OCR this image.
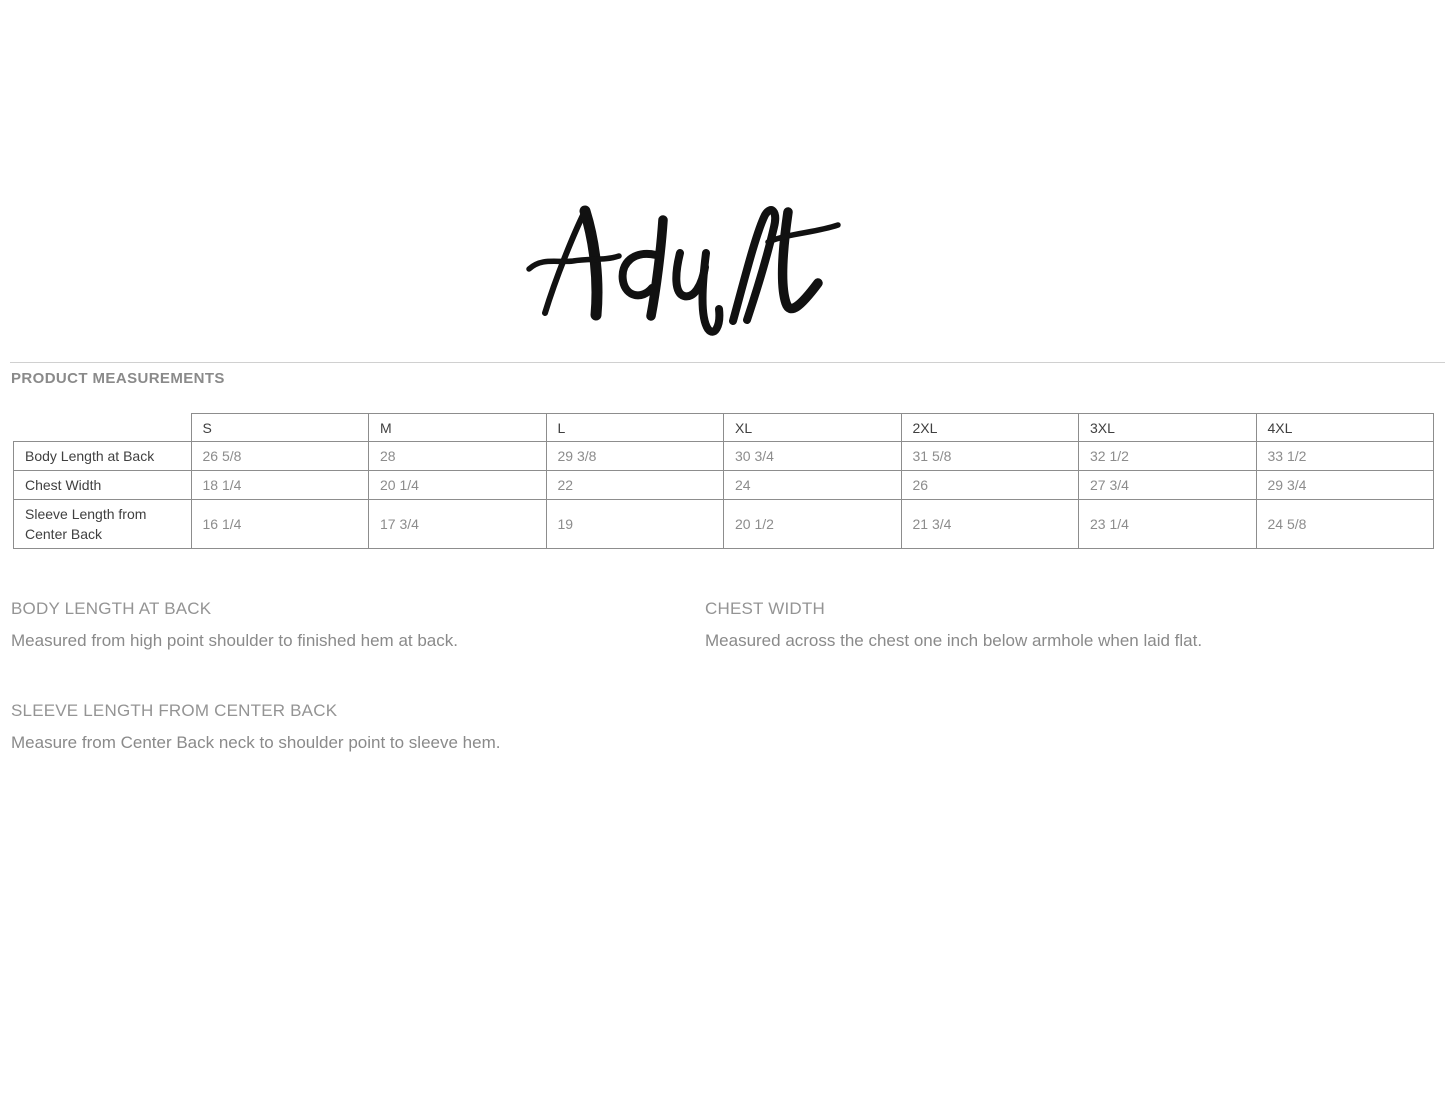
PRODUCT MEASUREMENTS
	S	M	L	XL	2XL	3XL	4XL
Body Length at Back	26 5/8	28	29 3/8	30 3/4	31 5/8	32 1/2	33 1/2
Chest Width	18 1/4	20 1/4	22	24	26	27 3/4	29 3/4
Sleeve Length from Center Back	16 1/4	17 3/4	19	20 1/2	21 3/4	23 1/4	24 5/8
BODY LENGTH AT BACK
Measured from high point shoulder to finished hem at back.
CHEST WIDTH
Measured across the chest one inch below armhole when laid flat.
SLEEVE LENGTH FROM CENTER BACK
Measure from Center Back neck to shoulder point to sleeve hem.
